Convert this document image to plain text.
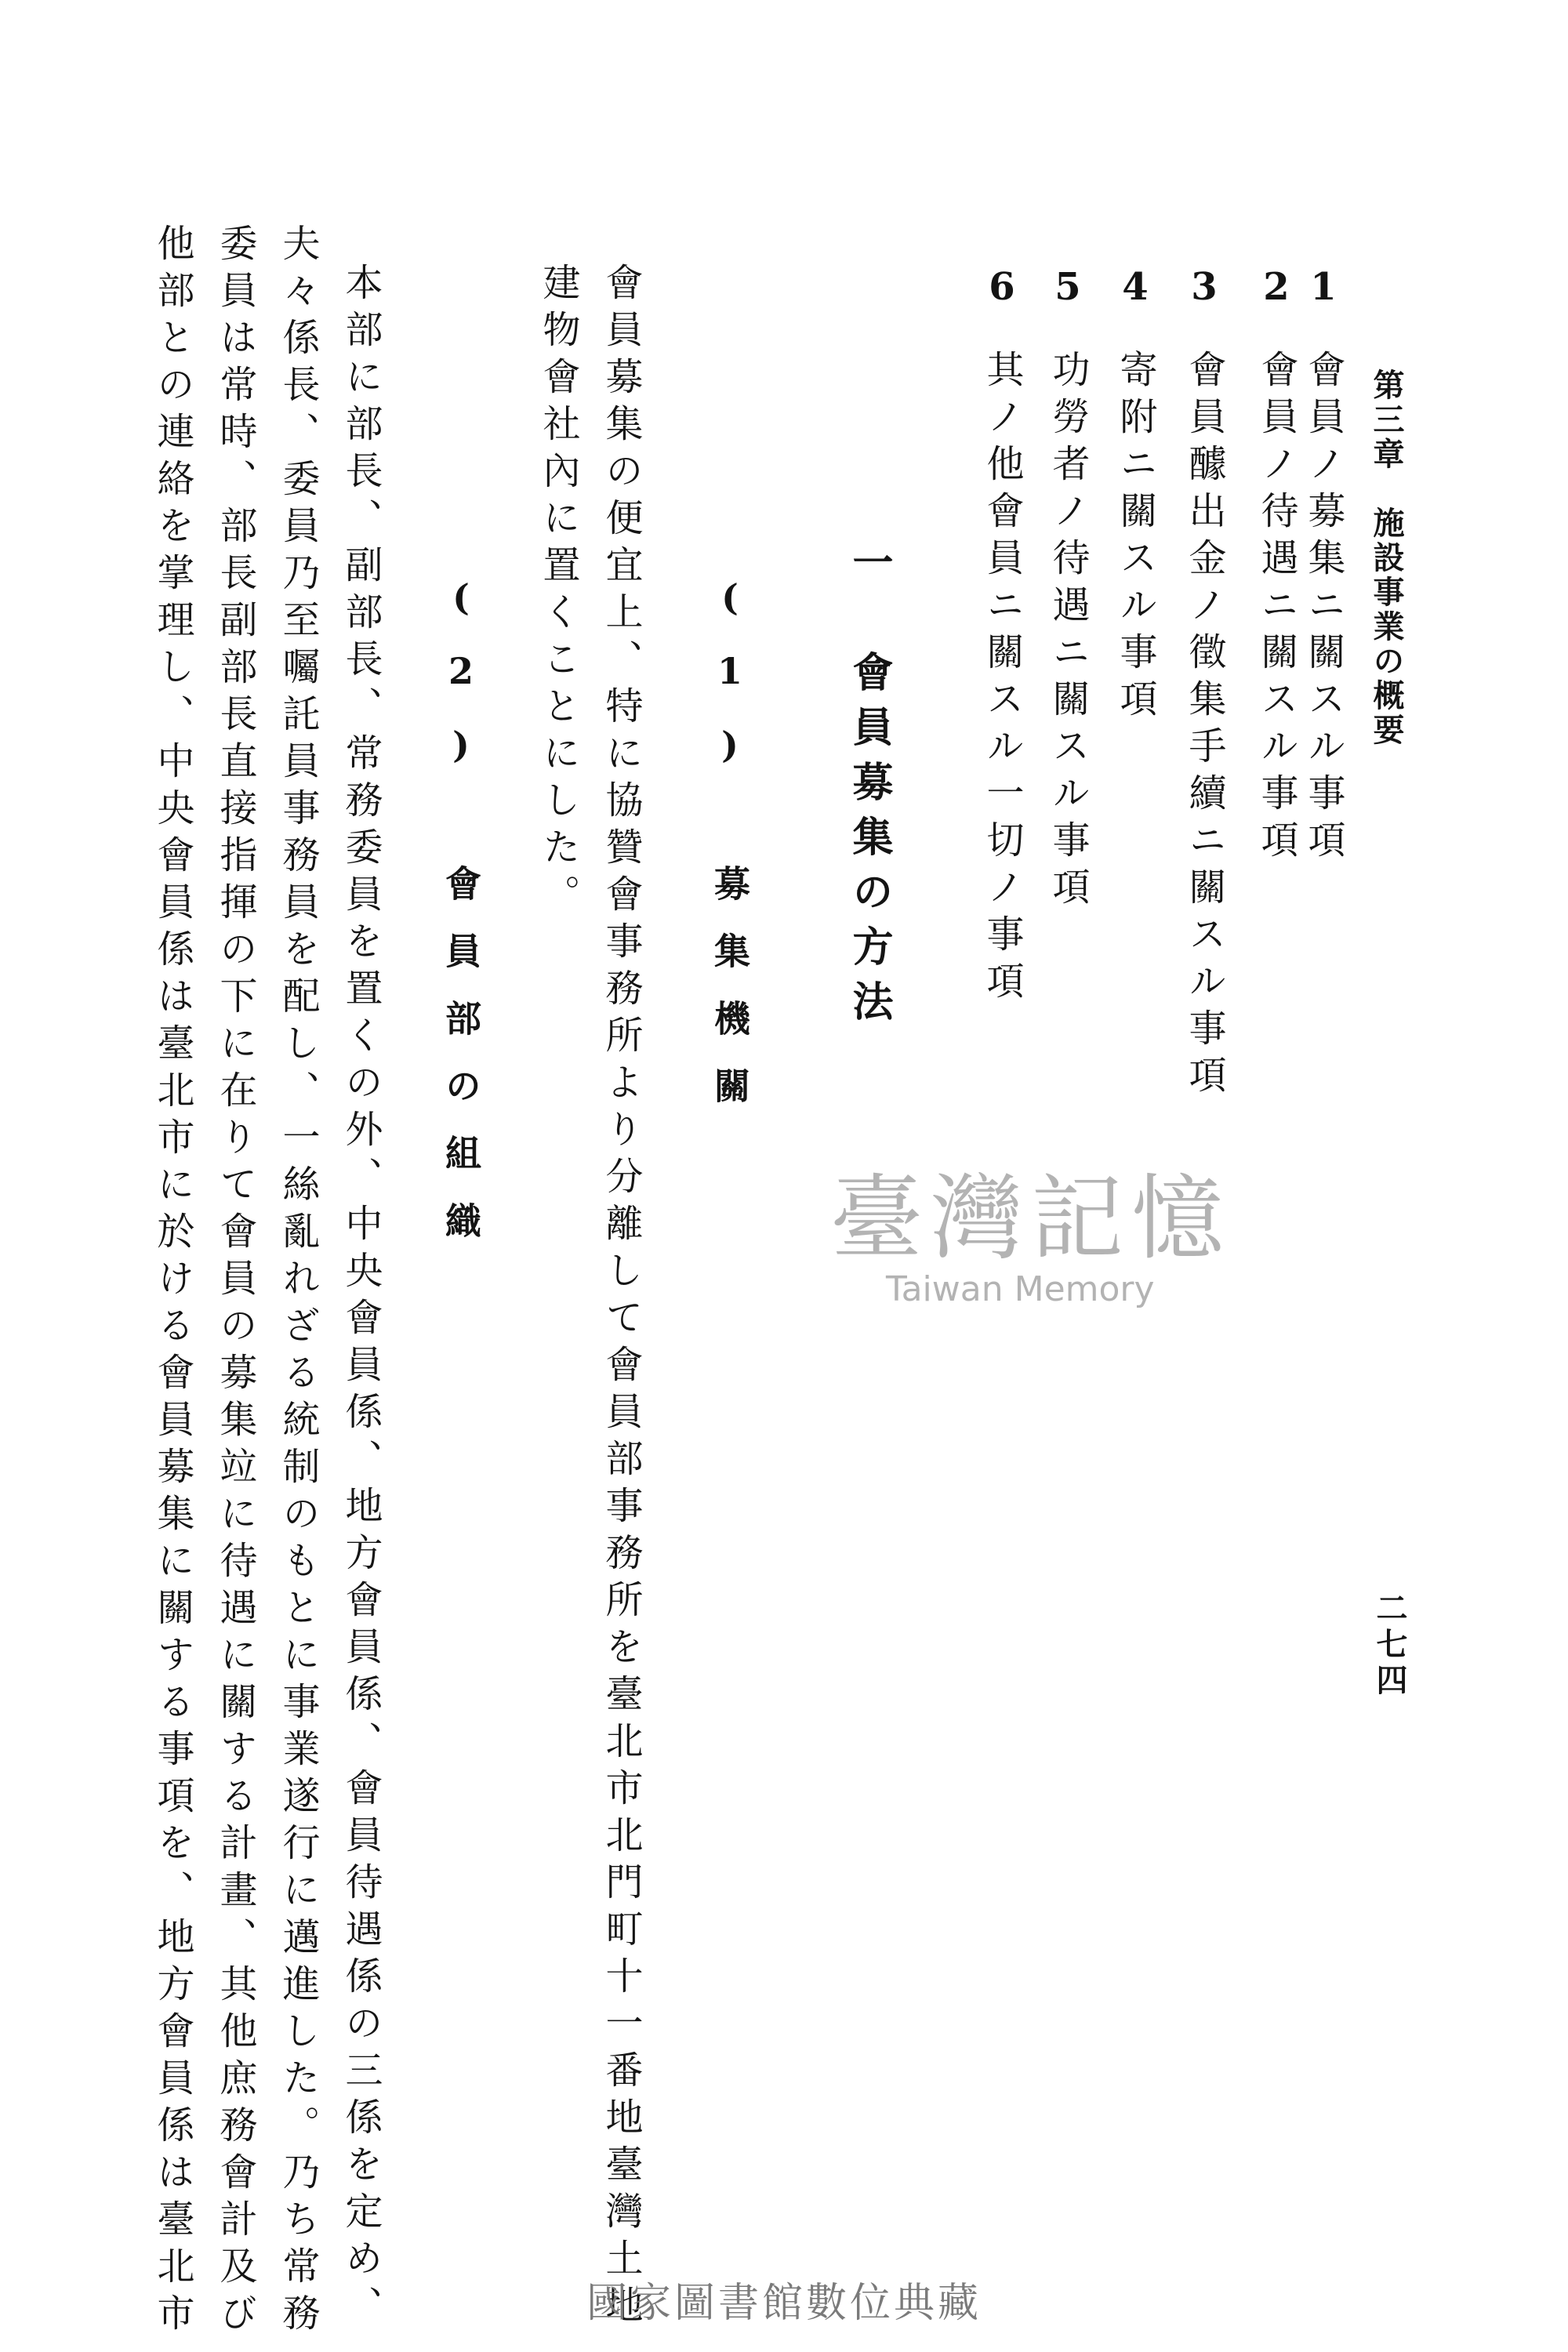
第三章　施設事業の概要
1會員ノ募集ニ關スル事項
2會員ノ待遇ニ關スル事項
3會員醵出金ノ徵集手續ニ關スル事項
4寄附ニ關スル事項
5功勞者ノ待遇ニ關スル事項
6其ノ他會員ニ關スル一切ノ事項
一　會員募集の方法
(1)　募集機關
會員募集の便宜上、特に協贊會事務所より分離して會員部事務所を臺北市北門町十一番地臺灣土地
建物會社內に置くことにした。
(2)　會員部の組織
本部に部長、副部長、常務委員を置くの外、中央會員係、地方會員係、會員待遇係の三係を定め、
夫々係長、委員乃至囑託員事務員を配し、一絲亂れざる統制のもとに事業遂行に邁進した。乃ち常務
委員は常時、部長副部長直接指揮の下に在りて會員の募集竝に待遇に關する計畫、其他庶務會計及び
他部との連絡を掌理し、中央會員係は臺北市に於ける會員募集に關する事項を、地方會員係は臺北市	二七四
臺灣記憶
Taiwan Memory
國家圖書館數位典藏
